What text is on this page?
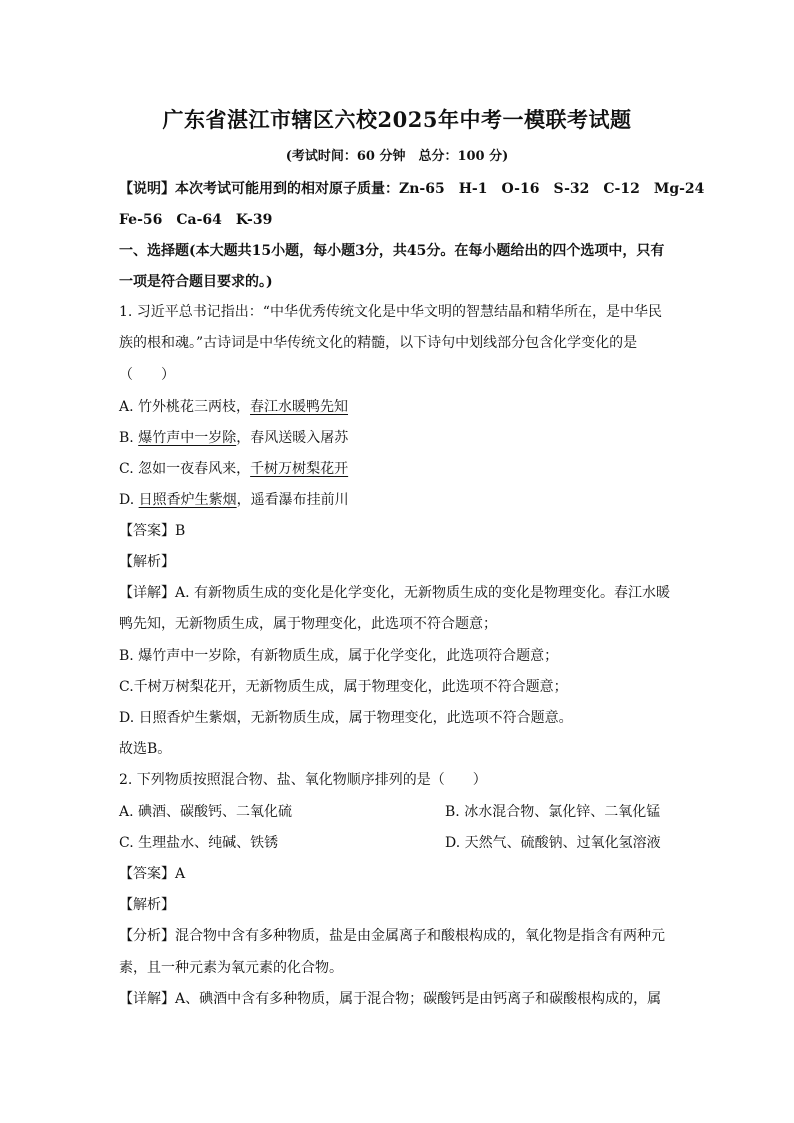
广东省湛江市辖区六校2025年中考一模联考试题
(考试时间：60 分钟　总分：100 分)
【说明】本次考试可能用到的相对原子质量：Zn-65　H-1　O-16　S-32　C-12　Mg-24
Fe-56　Ca-64　K-39
一、选择题(本大题共15小题，每小题3分，共45分。在每小题给出的四个选项中，只有
一项是符合题目要求的。)
1. 习近平总书记指出：“中华优秀传统文化是中华文明的智慧结晶和精华所在，是中华民
族的根和魂。”古诗词是中华传统文化的精髓，以下诗句中划线部分包含化学变化的是
（　　）
A. 竹外桃花三两枝，春江水暖鸭先知
B. 爆竹声中一岁除，春风送暖入屠苏
C. 忽如一夜春风来，千树万树梨花开
D. 日照香炉生紫烟，遥看瀑布挂前川
【答案】B
【解析】
【详解】A. 有新物质生成的变化是化学变化，无新物质生成的变化是物理变化。春江水暖
鸭先知，无新物质生成，属于物理变化，此选项不符合题意；
B. 爆竹声中一岁除，有新物质生成，属于化学变化，此选项符合题意；
C.千树万树梨花开，无新物质生成，属于物理变化，此选项不符合题意；
D. 日照香炉生紫烟，无新物质生成，属于物理变化，此选项不符合题意。
故选B。
2. 下列物质按照混合物、盐、氧化物顺序排列的是（　　）
A. 碘酒、碳酸钙、二氧化硫	B. 冰水混合物、氯化锌、二氧化锰
C. 生理盐水、纯碱、铁锈	D. 天然气、硫酸钠、过氧化氢溶液
【答案】A
【解析】
【分析】混合物中含有多种物质，盐是由金属离子和酸根构成的，氧化物是指含有两种元
素，且一种元素为氧元素的化合物。
【详解】A、碘酒中含有多种物质，属于混合物；碳酸钙是由钙离子和碳酸根构成的，属
